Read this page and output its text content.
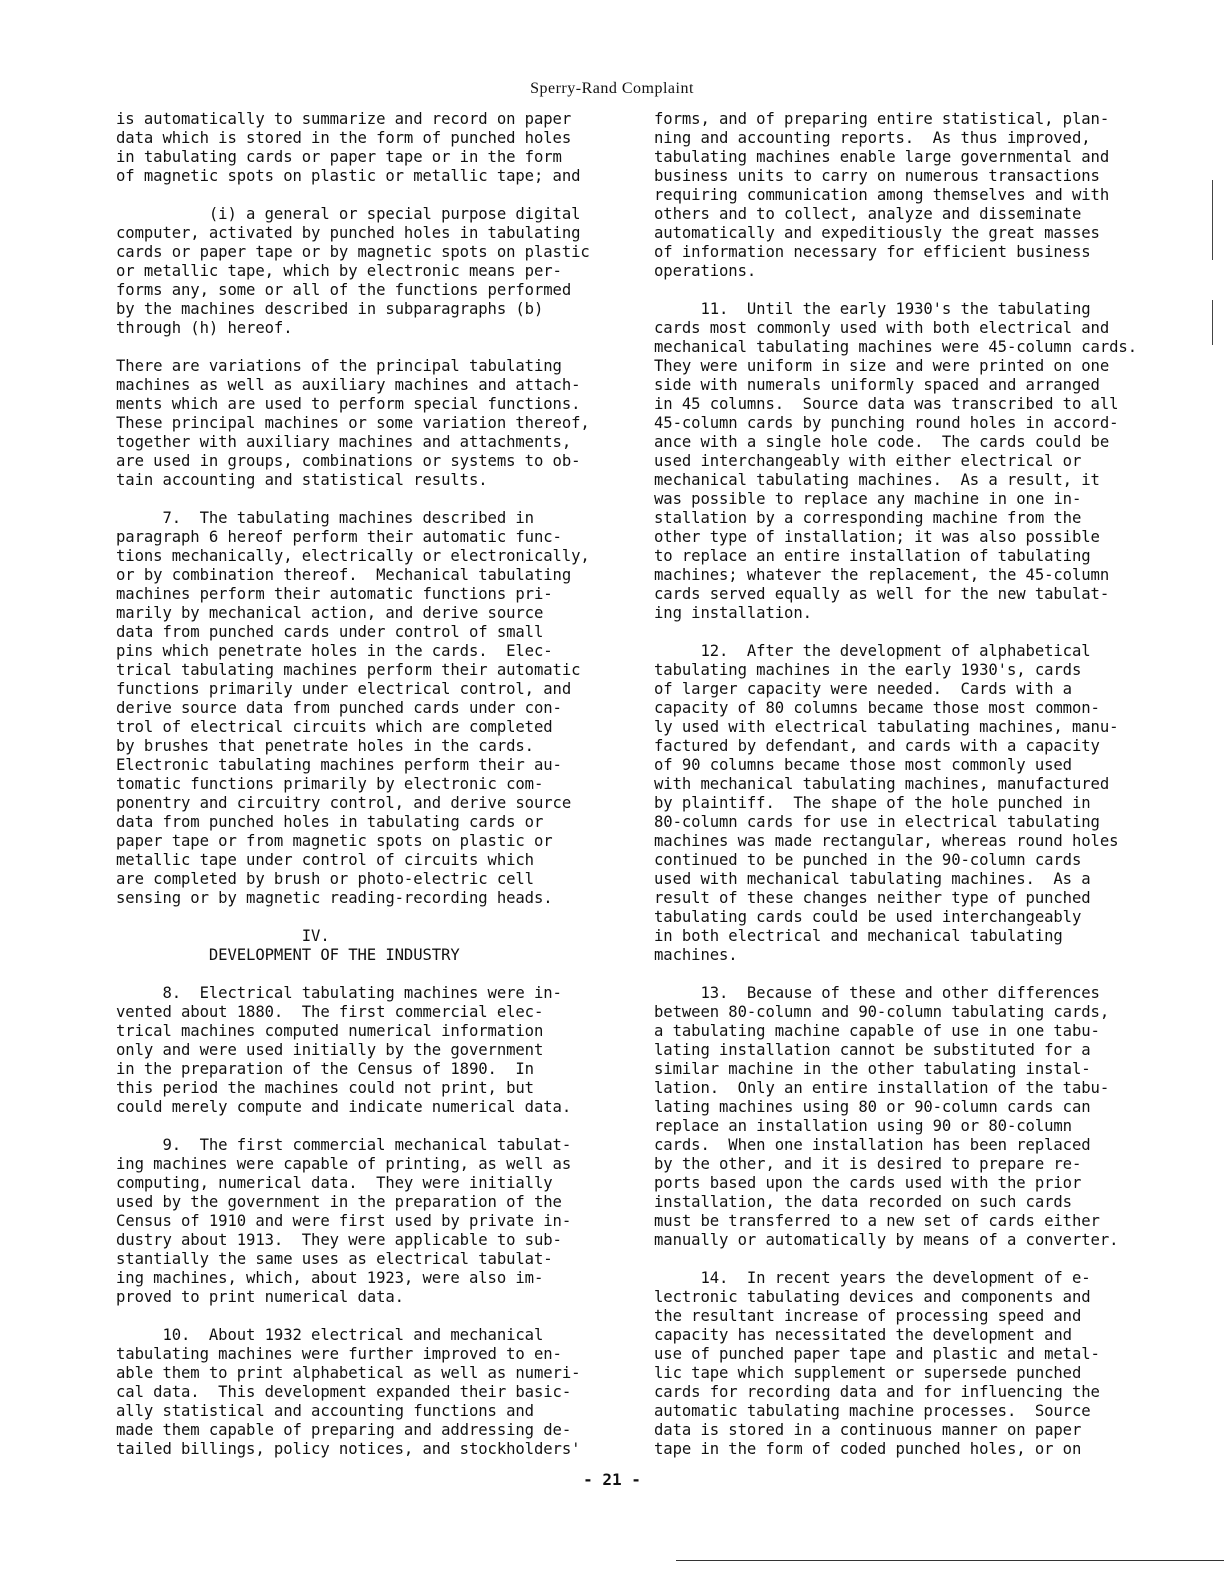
Sperry-Rand Complaint
is automatically to summarize and record on paper
data which is stored in the form of punched holes
in tabulating cards or paper tape or in the form
of magnetic spots on plastic or metallic tape; and
(i) a general or special purpose digital
computer, activated by punched holes in tabulating
cards or paper tape or by magnetic spots on plastic
or metallic tape, which by electronic means per-
forms any, some or all of the functions performed
by the machines described in subparagraphs (b)
through (h) hereof.
There are variations of the principal tabulating
machines as well as auxiliary machines and attach-
ments which are used to perform special functions.
These principal machines or some variation thereof,
together with auxiliary machines and attachments,
are used in groups, combinations or systems to ob-
tain accounting and statistical results.
7.  The tabulating machines described in
paragraph 6 hereof perform their automatic func-
tions mechanically, electrically or electronically,
or by combination thereof.  Mechanical tabulating
machines perform their automatic functions pri-
marily by mechanical action, and derive source
data from punched cards under control of small
pins which penetrate holes in the cards.  Elec-
trical tabulating machines perform their automatic
functions primarily under electrical control, and
derive source data from punched cards under con-
trol of electrical circuits which are completed
by brushes that penetrate holes in the cards.
Electronic tabulating machines perform their au-
tomatic functions primarily by electronic com-
ponentry and circuitry control, and derive source
data from punched holes in tabulating cards or
paper tape or from magnetic spots on plastic or
metallic tape under control of circuits which
are completed by brush or photo-electric cell
sensing or by magnetic reading-recording heads.
IV.
DEVELOPMENT OF THE INDUSTRY
8.  Electrical tabulating machines were in-
vented about 1880.  The first commercial elec-
trical machines computed numerical information
only and were used initially by the government
in the preparation of the Census of 1890.  In
this period the machines could not print, but
could merely compute and indicate numerical data.
9.  The first commercial mechanical tabulat-
ing machines were capable of printing, as well as
computing, numerical data.  They were initially
used by the government in the preparation of the
Census of 1910 and were first used by private in-
dustry about 1913.  They were applicable to sub-
stantially the same uses as electrical tabulat-
ing machines, which, about 1923, were also im-
proved to print numerical data.
10.  About 1932 electrical and mechanical
tabulating machines were further improved to en-
able them to print alphabetical as well as numeri-
cal data.  This development expanded their basic-
ally statistical and accounting functions and
made them capable of preparing and addressing de-
tailed billings, policy notices, and stockholders'
forms, and of preparing entire statistical, plan-
ning and accounting reports.  As thus improved,
tabulating machines enable large governmental and
business units to carry on numerous transactions
requiring communication among themselves and with
others and to collect, analyze and disseminate
automatically and expeditiously the great masses
of information necessary for efficient business
operations.
11.  Until the early 1930's the tabulating
cards most commonly used with both electrical and
mechanical tabulating machines were 45-column cards.
They were uniform in size and were printed on one
side with numerals uniformly spaced and arranged
in 45 columns.  Source data was transcribed to all
45-column cards by punching round holes in accord-
ance with a single hole code.  The cards could be
used interchangeably with either electrical or
mechanical tabulating machines.  As a result, it
was possible to replace any machine in one in-
stallation by a corresponding machine from the
other type of installation; it was also possible
to replace an entire installation of tabulating
machines; whatever the replacement, the 45-column
cards served equally as well for the new tabulat-
ing installation.
12.  After the development of alphabetical
tabulating machines in the early 1930's, cards
of larger capacity were needed.  Cards with a
capacity of 80 columns became those most common-
ly used with electrical tabulating machines, manu-
factured by defendant, and cards with a capacity
of 90 columns became those most commonly used
with mechanical tabulating machines, manufactured
by plaintiff.  The shape of the hole punched in
80-column cards for use in electrical tabulating
machines was made rectangular, whereas round holes
continued to be punched in the 90-column cards
used with mechanical tabulating machines.  As a
result of these changes neither type of punched
tabulating cards could be used interchangeably
in both electrical and mechanical tabulating
machines.
13.  Because of these and other differences
between 80-column and 90-column tabulating cards,
a tabulating machine capable of use in one tabu-
lating installation cannot be substituted for a
similar machine in the other tabulating instal-
lation.  Only an entire installation of the tabu-
lating machines using 80 or 90-column cards can
replace an installation using 90 or 80-column
cards.  When one installation has been replaced
by the other, and it is desired to prepare re-
ports based upon the cards used with the prior
installation, the data recorded on such cards
must be transferred to a new set of cards either
manually or automatically by means of a converter.
14.  In recent years the development of e-
lectronic tabulating devices and components and
the resultant increase of processing speed and
capacity has necessitated the development and
use of punched paper tape and plastic and metal-
lic tape which supplement or supersede punched
cards for recording data and for influencing the
automatic tabulating machine processes.  Source
data is stored in a continuous manner on paper
tape in the form of coded punched holes, or on
- 21 -
